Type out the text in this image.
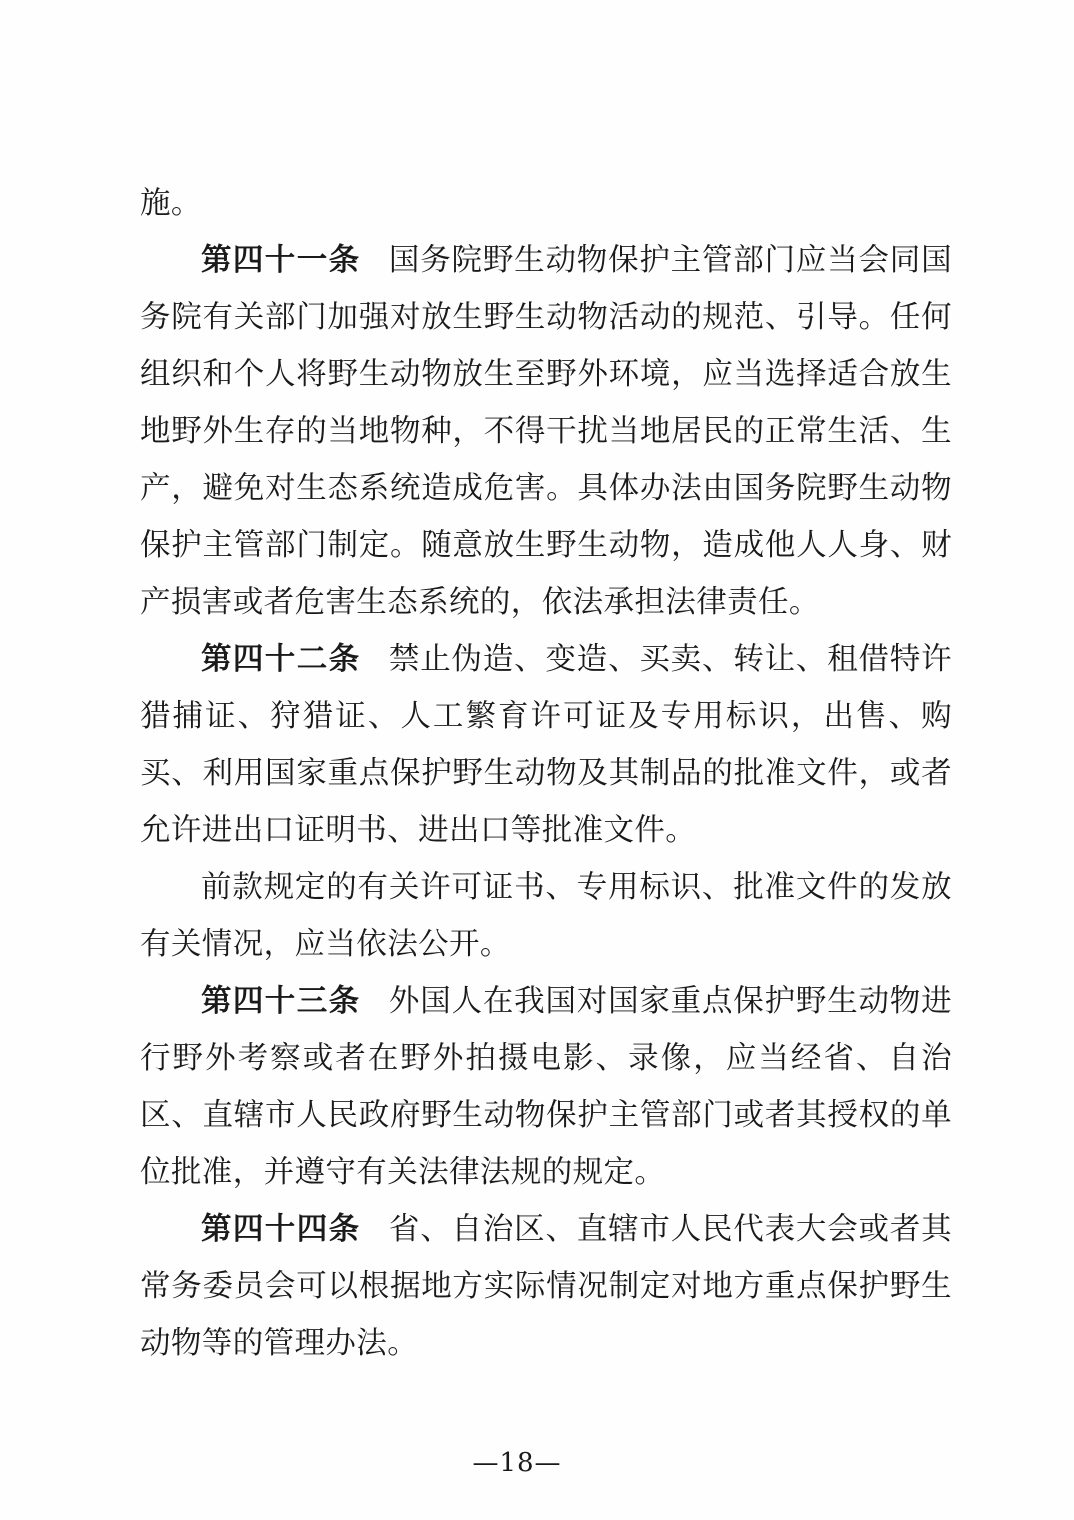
施。

第四十一条 国务院野生动物保护主管部门应当会同国务院有关部门加强对放生野生动物活动的规范、引导。任何组织和个人将野生动物放生至野外环境，应当选择适合放生地野外生存的当地物种，不得干扰当地居民的正常生活、生产，避免对生态系统造成危害。具体办法由国务院野生动物保护主管部门制定。随意放生野生动物，造成他人人身、财产损害或者危害生态系统的，依法承担法律责任。

第四十二条 禁止伪造、变造、买卖、转让、租借特许猎捕证、狩猎证、人工繁育许可证及专用标识，出售、购买、利用国家重点保护野生动物及其制品的批准文件，或者允许进出口证明书、进出口等批准文件。

前款规定的有关许可证书、专用标识、批准文件的发放有关情况，应当依法公开。

第四十三条 外国人在我国对国家重点保护野生动物进行野外考察或者在野外拍摄电影、录像，应当经省、自治区、直辖市人民政府野生动物保护主管部门或者其授权的单位批准，并遵守有关法律法规的规定。

第四十四条 省、自治区、直辖市人民代表大会或者其常务委员会可以根据地方实际情况制定对地方重点保护野生动物等的管理办法。

—18—
